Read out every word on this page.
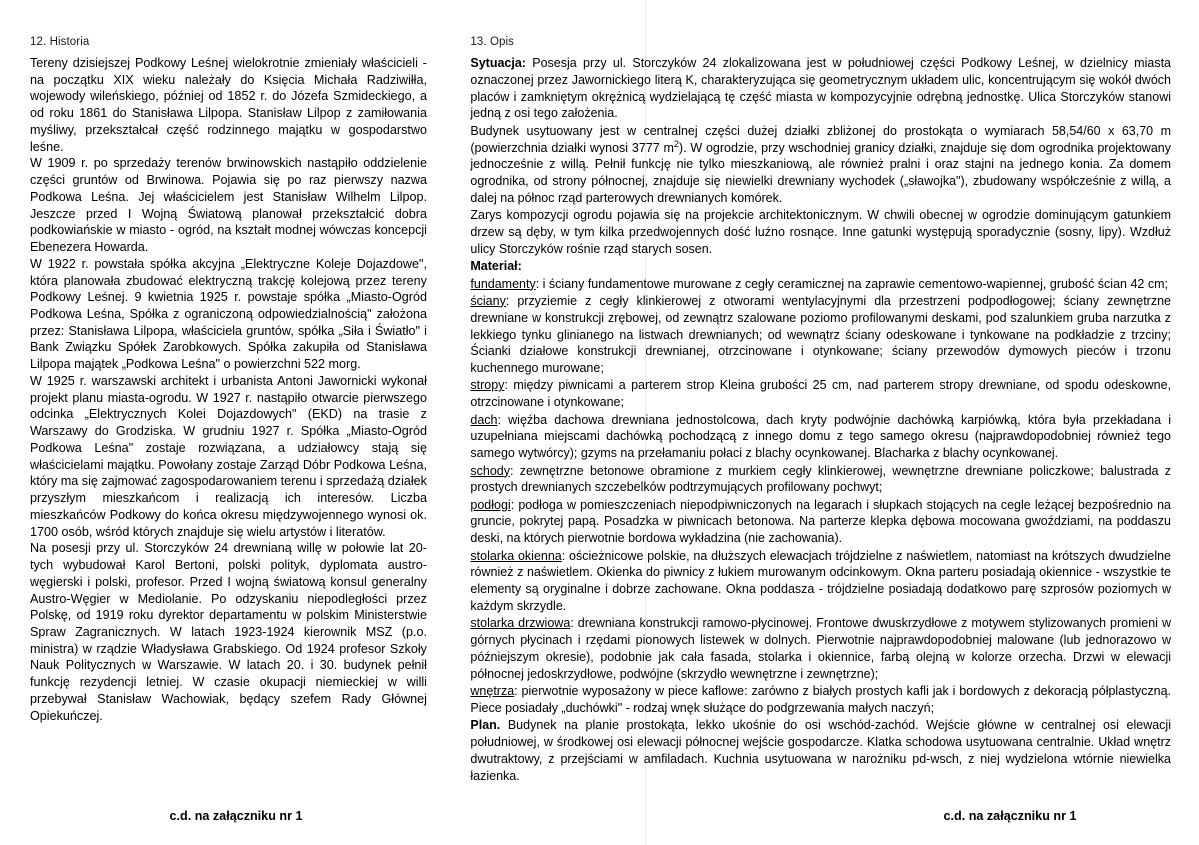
12. Historia

Tereny dzisiejszej Podkowy Leśnej wielokrotnie zmieniały właścicieli - na początku XIX wieku należały do Księcia Michała Radziwiłła, wojewody wileńskiego, później od 1852 r. do Józefa Szmideckiego, a od roku 1861 do Stanisława Lilpopa. Stanisław Lilpop z zamiłowania myśliwy, przekształcał część rodzinnego majątku w gospodarstwo leśne.

W 1909 r. po sprzedaży terenów brwinowskich nastąpiło oddzielenie części gruntów od Brwinowa. Pojawia się po raz pierwszy nazwa Podkowa Leśna. Jej właścicielem jest Stanisław Wilhelm Lilpop. Jeszcze przed I Wojną Światową planował przekształcić dobra podkowiańskie w miasto - ogród, na kształt modnej wówczas koncepcji Ebenezera Howarda.

W 1922 r. powstała spółka akcyjna „Elektryczne Koleje Dojazdowe", która planowała zbudować elektryczną trakcję kolejową przez tereny Podkowy Leśnej. 9 kwietnia 1925 r. powstaje spółka „Miasto-Ogród Podkowa Leśna, Spółka z ograniczoną odpowiedzialnością" założona przez: Stanisława Lilpopa, właściciela gruntów, spółka „Siła i Światło" i Bank Związku Spółek Zarobkowych. Spółka zakupiła od Stanisława Lilpopa majątek „Podkowa Leśna" o powierzchni 522 morg.

W 1925 r. warszawski architekt i urbanista Antoni Jawornicki wykonał projekt planu miasta-ogrodu. W 1927 r. nastąpiło otwarcie pierwszego odcinka „Elektrycznych Kolei Dojazdowych" (EKD) na trasie z Warszawy do Grodziska. W grudniu 1927 r. Spółka „Miasto-Ogród Podkowa Leśna" zostaje rozwiązana, a udziałowcy stają się właścicielami majątku. Powołany zostaje Zarząd Dóbr Podkowa Leśna, który ma się zajmować zagospodarowaniem terenu i sprzedażą działek przyszłym mieszkańcom i realizacją ich interesów. Liczba mieszkańców Podkowy do końca okresu międzywojennego wynosi ok. 1700 osób, wśród których znajduje się wielu artystów i literatów.

Na posesji przy ul. Storczyków 24 drewnianą willę w połowie lat 20-tych wybudował Karol Bertoni, polski polityk, dyplomata austro-węgierski i polski, profesor. Przed I wojną światową konsul generalny Austro-Węgier w Mediolanie. Po odzyskaniu niepodległości przez Polskę, od 1919 roku dyrektor departamentu w polskim Ministerstwie Spraw Zagranicznych. W latach 1923-1924 kierownik MSZ (p.o. ministra) w rządzie Władysława Grabskiego. Od 1924 profesor Szkoły Nauk Politycznych w Warszawie. W latach 20. i 30. budynek pełnił funkcję rezydencji letniej. W czasie okupacji niemieckiej w willi przebywał Stanisław Wachowiak, będący szefem Rady Głównej Opiekuńczej.

13. Opis

Sytuacja: Posesja przy ul. Storczyków 24 zlokalizowana jest w południowej części Podkowy Leśnej, w dzielnicy miasta oznaczonej przez Jawornickiego literą K, charakteryzująca się geometrycznym układem ulic, koncentrującym się wokół dwóch placów i zamkniętym okrężnicą wydzielającą tę część miasta w kompozycyjnie odrębną jednostkę. Ulica Storczyków stanowi jedną z osi tego założenia.

Budynek usytuowany jest w centralnej części dużej działki zbliżonej do prostokąta o wymiarach 58,54/60 x 63,70 m (powierzchnia działki wynosi 3777 $m^2$). W ogrodzie, przy wschodniej granicy działki, znajduje się dom ogrodnika projektowany jednocześnie z willą. Pełnił funkcję nie tylko mieszkaniową, ale również pralni i oraz stajni na jednego konia. Za domem ogrodnika, od strony północnej, znajduje się niewielki drewniany wychodek („sławojka"), zbudowany współcześnie z willą, a dalej na północ rząd parterowych drewnianych komórek.

Zarys kompozycji ogrodu pojawia się na projekcie architektonicznym. W chwili obecnej w ogrodzie dominującym gatunkiem drzew są dęby, w tym kilka przedwojennych dość luźno rosnące. Inne gatunki występują sporadycznie (sosny, lipy). Wzdłuż ulicy Storczyków rośnie rząd starych sosen.

Materiał:

fundamenty: i ściany fundamentowe murowane z cegły ceramicznej na zaprawie cementowo-wapiennej, grubość ścian 42 cm;

ściany: przyziemie z cegły klinkierowej z otworami wentylacyjnymi dla przestrzeni podpodłogowej; ściany zewnętrzne drewniane w konstrukcji zrębowej, od zewnątrz szalowane poziomo profilowanymi deskami, pod szalunkiem gruba narzutka z lekkiego tynku glinianego na listwach drewnianych; od wewnątrz ściany odeskowane i tynkowane na podkładzie z trzciny; Ścianki działowe konstrukcji drewnianej, otrzcinowane i otynkowane; ściany przewodów dymowych pieców i trzonu kuchennego murowane;

stropy: między piwnicami a parterem strop Kleina grubości 25 cm, nad parterem stropy drewniane, od spodu odeskowne, otrzcinowane i otynkowane;

dach: więźba dachowa drewniana jednostolcowa, dach kryty podwójnie dachówką karpiówką, która była przekładana i uzupełniana miejscami dachówką pochodzącą z innego domu z tego samego okresu (najprawdopodobniej również tego samego wytwórcy); gzyms na przełamaniu połaci z blachy ocynkowanej. Blacharka z blachy ocynkowanej.

schody: zewnętrzne betonowe obramione z murkiem cegły klinkierowej, wewnętrzne drewniane policzkowe; balustrada z prostych drewnianych szczebelków podtrzymujących profilowany pochwyt;

podłogi: podłoga w pomieszczeniach niepodpiwniczonych na legarach i słupkach stojących na cegle leżącej bezpośrednio na gruncie, pokrytej papą. Posadzka w piwnicach betonowa. Na parterze klepka dębowa mocowana gwoździami, na poddaszu deski, na których pierwotnie bordowa wykładzina (nie zachowania).

stolarka okienna: ościeżnicowe polskie, na dłuższych elewacjach trójdzielne z naświetlem, natomiast na krótszych dwudzielne również z naświetlem. Okienka do piwnicy z łukiem murowanym odcinkowym. Okna parteru posiadają okiennice - wszystkie te elementy są oryginalne i dobrze zachowane. Okna poddasza - trójdzielne posiadają dodatkowo parę szprosów poziomych w każdym skrzydle.

stolarka drzwiowa: drewniana konstrukcji ramowo-płycinowej. Frontowe dwuskrzydłowe z motywem stylizowanych promieni w górnych płycinach i rzędami pionowych listewek w dolnych. Pierwotnie najprawdopodobniej malowane (lub jednorazowo w późniejszym okresie), podobnie jak cała fasada, stolarka i okiennice, farbą olejną w kolorze orzecha. Drzwi w elewacji północnej jedoskrzydłowe, podwójne (skrzydło wewnętrzne i zewnętrzne);

wnętrza: pierwotnie wyposażony w piece kaflowe: zarówno z białych prostych kafli jak i bordowych z dekoracją półplastyczną. Piece posiadały „duchówki" - rodzaj wnęk służące do podgrzewania małych naczyń;

Plan. Budynek na planie prostokąta, lekko ukośnie do osi wschód-zachód. Wejście główne w centralnej osi elewacji południowej, w środkowej osi elewacji północnej wejście gospodarcze. Klatka schodowa usytuowana centralnie. Układ wnętrz dwutraktowy, z przejściami w amfiladach. Kuchnia usytuowana w narożniku pd-wsch, z niej wydzielona wtórnie niewielka łazienka.

c.d. na załączniku nr 1	c.d. na załączniku nr 1
